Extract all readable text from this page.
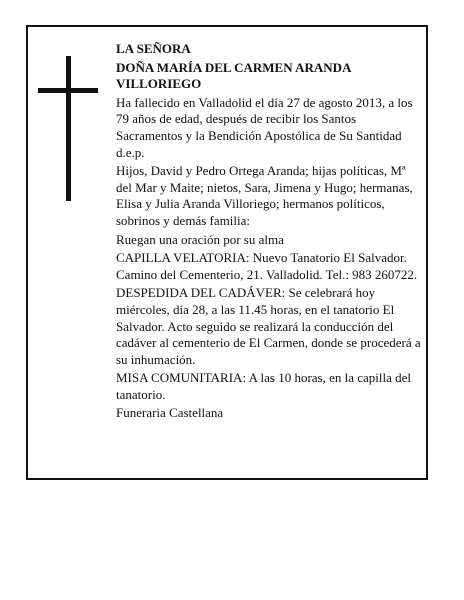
LA SEÑORA

DOÑA MARÍA DEL CARMEN ARANDA VILLORIEGO

Ha fallecido en Valladolid el día 27 de agosto 2013, a los 79 años de edad, después de recibir los Santos Sacramentos y la Bendición Apostólica de Su Santidad d.e.p.

Hijos, David y Pedro Ortega Aranda; hijas políticas, Mª del Mar y Maite; nietos, Sara, Jimena y Hugo; hermanas, Elisa y Julia Aranda Villoriego; hermanos políticos, sobrinos y demás familia:

Ruegan una oración por su alma

CAPILLA VELATORIA: Nuevo Tanatorio El Salvador. Camino del Cementerio, 21. Valladolid. Tel.: 983 260722.

DESPEDIDA DEL CADÁVER: Se celebrará hoy miércoles, día 28, a las 11.45 horas, en el tanatorio El Salvador. Acto seguido se realizará la conducción del cadáver al cementerio de El Carmen, donde se procederá a su inhumación.

MISA COMUNITARIA: A las 10 horas, en la capilla del tanatorio.

Funeraria Castellana
